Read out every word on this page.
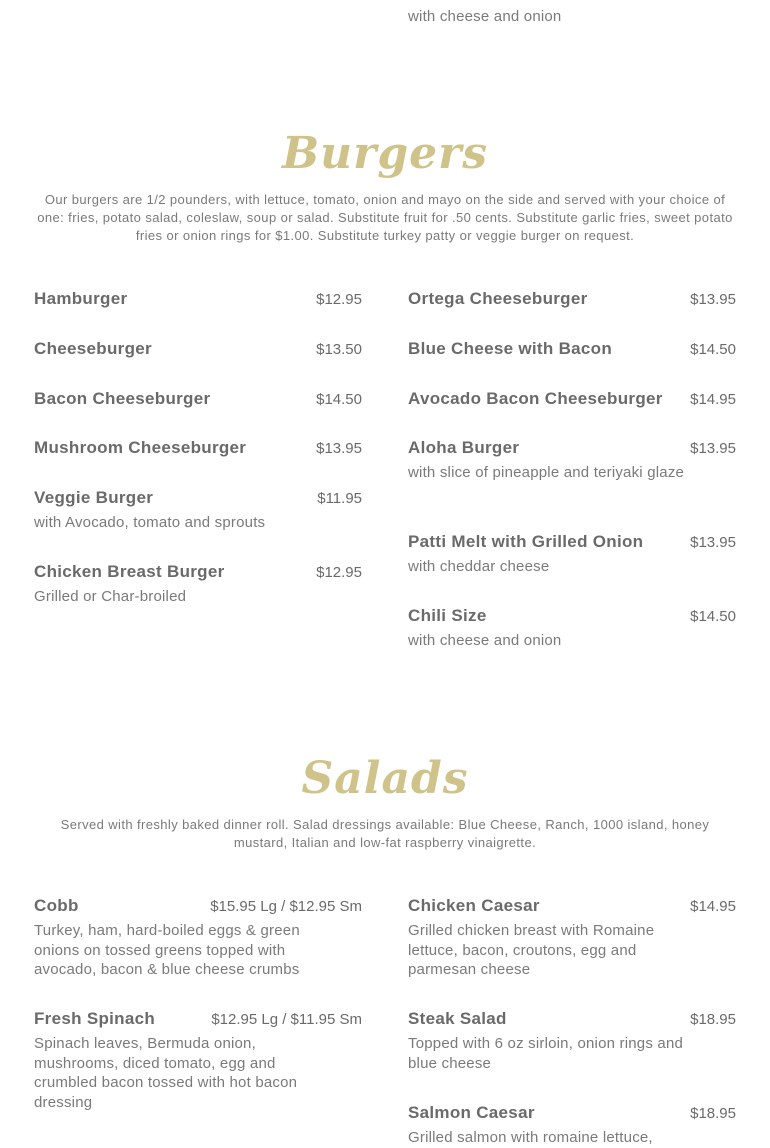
with cheese and onion
Burgers
Our burgers are 1/2 pounders, with lettuce, tomato, onion and mayo on the side and served with your choice of one: fries, potato salad, coleslaw, soup or salad. Substitute fruit for .50 cents. Substitute garlic fries, sweet potato fries or onion rings for $1.00. Substitute turkey patty or veggie burger on request.
Hamburger	$12.95
Cheeseburger	$13.50
Bacon Cheeseburger	$14.50
Mushroom Cheeseburger	$13.95
Veggie Burger	$11.95
with Avocado, tomato and sprouts
Chicken Breast Burger	$12.95
Grilled or Char-broiled
Ortega Cheeseburger	$13.95
Blue Cheese with Bacon	$14.50
Avocado Bacon Cheeseburger $14.95
Aloha Burger	$13.95
with slice of pineapple and teriyaki glaze
Patti Melt with Grilled Onion	$13.95
with cheddar cheese
Chili Size	$14.50
with cheese and onion
Salads
Served with freshly baked dinner roll. Salad dressings available: Blue Cheese, Ranch, 1000 island, honey mustard, Italian and low-fat raspberry vinaigrette.
Cobb	$15.95 Lg / $12.95 Sm
Turkey, ham, hard-boiled eggs & green onions on tossed greens topped with avocado, bacon & blue cheese crumbs
Fresh Spinach	$12.95 Lg / $11.95 Sm
Spinach leaves, Bermuda onion, mushrooms, diced tomato, egg and crumbled bacon tossed with hot bacon dressing
Chicken Caesar	$14.95
Grilled chicken breast with Romaine lettuce, bacon, croutons, egg and parmesan cheese
Steak Salad	$18.95
Topped with 6 oz sirloin, onion rings and blue cheese
Salmon Caesar	$18.95
Grilled salmon with romaine lettuce,
